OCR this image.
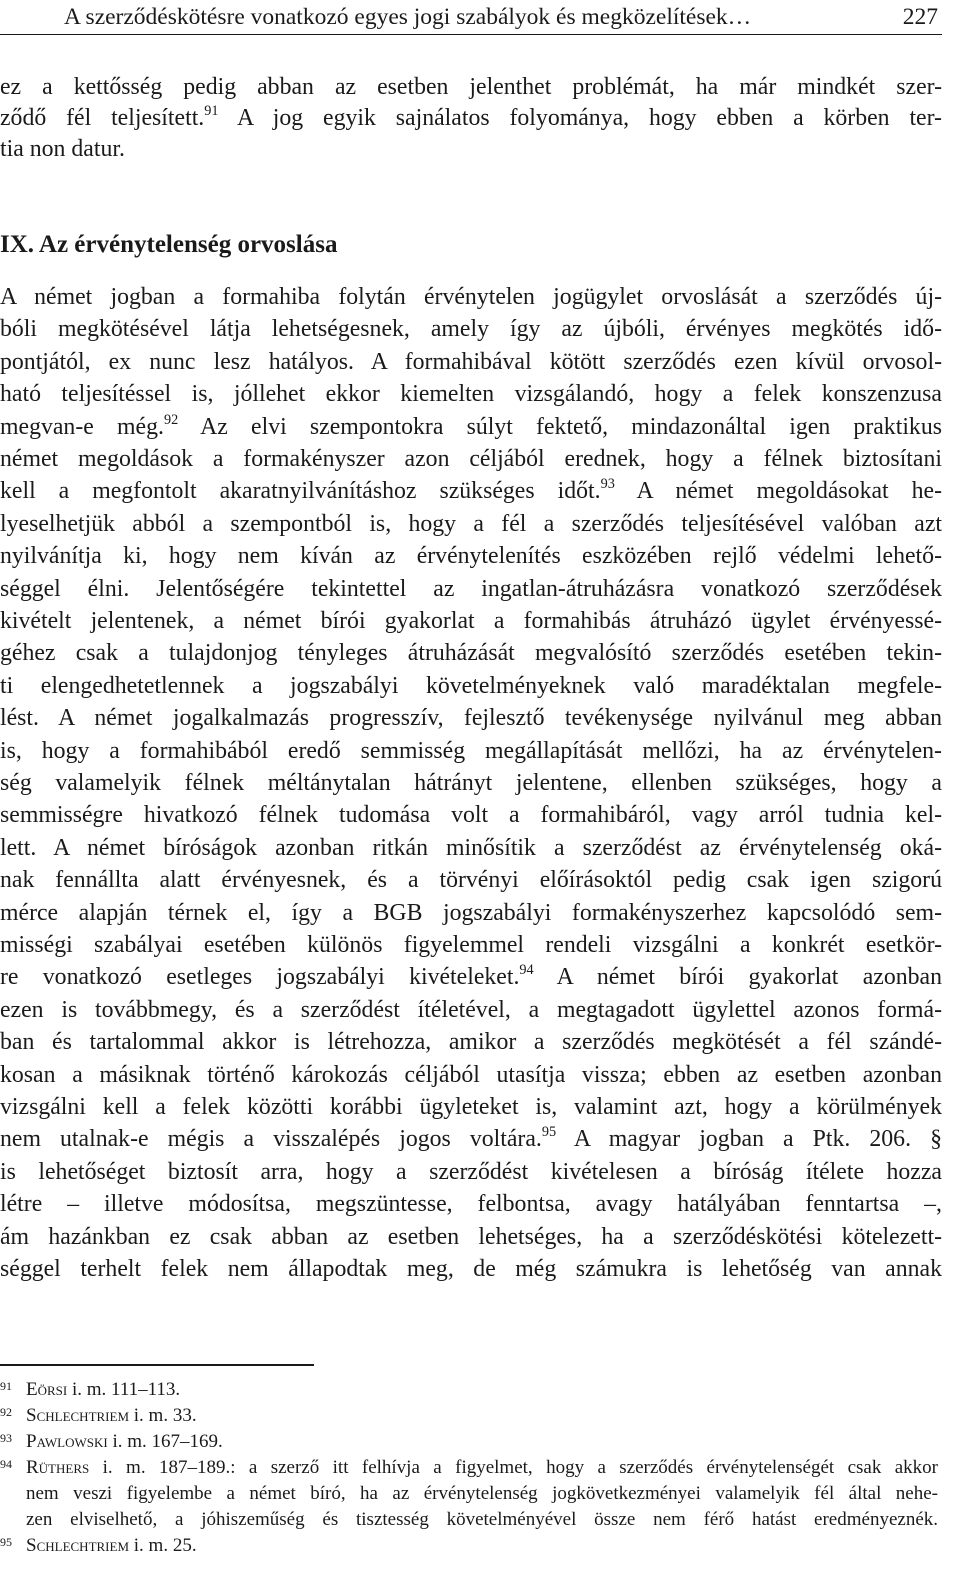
A szerződéskötésre vonatkozó egyes jogi szabályok és megközelítések…	227
ez a kettősség pedig abban az esetben jelenthet problémát, ha már mindkét szer-
ződő fél teljesített.$^{91}$ A jog egyik sajnálatos folyománya, hogy ebben a körben ter-
tia non datur.
IX. Az érvénytelenség orvoslása
A német jogban a formahiba folytán érvénytelen jogügylet orvoslását a szerződés új-
bóli megkötésével látja lehetségesnek, amely így az újbóli, érvényes megkötés idő-
pontjától, ex nunc lesz hatályos. A formahibával kötött szerződés ezen kívül orvosol-
ható teljesítéssel is, jóllehet ekkor kiemelten vizsgálandó, hogy a felek konszenzusa
megvan-e még.$^{92}$ Az elvi szempontokra súlyt fektető, mindazonáltal igen praktikus
német megoldások a formakényszer azon céljából erednek, hogy a félnek biztosítani
kell a megfontolt akaratnyilvánításhoz szükséges időt.$^{93}$ A német megoldásokat he-
lyeselhetjük abból a szempontból is, hogy a fél a szerződés teljesítésével valóban azt
nyilvánítja ki, hogy nem kíván az érvénytelenítés eszközében rejlő védelmi lehető-
séggel élni. Jelentőségére tekintettel az ingatlan-átruházásra vonatkozó szerződések
kivételt jelentenek, a német bírói gyakorlat a formahibás átruházó ügylet érvényessé-
géhez csak a tulajdonjog tényleges átruházását megvalósító szerződés esetében tekin-
ti elengedhetetlennek a jogszabályi követelményeknek való maradéktalan megfele-
lést. A német jogalkalmazás progresszív, fejlesztő tevékenysége nyilvánul meg abban
is, hogy a formahibából eredő semmisség megállapítását mellőzi, ha az érvénytelen-
ség valamelyik félnek méltánytalan hátrányt jelentene, ellenben szükséges, hogy a
semmisségre hivatkozó félnek tudomása volt a formahibáról, vagy arról tudnia kel-
lett. A német bíróságok azonban ritkán minősítik a szerződést az érvénytelenség oká-
nak fennállta alatt érvényesnek, és a törvényi előírásoktól pedig csak igen szigorú
mérce alapján térnek el, így a BGB jogszabályi formakényszerhez kapcsolódó sem-
misségi szabályai esetében különös figyelemmel rendeli vizsgálni a konkrét esetkör-
re vonatkozó esetleges jogszabályi kivételeket.$^{94}$ A német bírói gyakorlat azonban
ezen is továbbmegy, és a szerződést ítéletével, a megtagadott ügylettel azonos formá-
ban és tartalommal akkor is létrehozza, amikor a szerződés megkötését a fél szándé-
kosan a másiknak történő károkozás céljából utasítja vissza; ebben az esetben azonban
vizsgálni kell a felek közötti korábbi ügyleteket is, valamint azt, hogy a körülmények
nem utalnak-e mégis a visszalépés jogos voltára.$^{95}$ A magyar jogban a Ptk. 206. §
is lehetőséget biztosít arra, hogy a szerződést kivételesen a bíróság ítélete hozza
létre – illetve módosítsa, megszüntesse, felbontsa, avagy hatályában fenntartsa –,
ám hazánkban ez csak abban az esetben lehetséges, ha a szerződéskötési kötelezett-
séggel terhelt felek nem állapodtak meg, de még számukra is lehetőség van annak
91 Eörsi i. m. 111–113.
92 Schlechtriem i. m. 33.
93 Pawlowski i. m. 167–169.
94 Rüthers i. m. 187–189.: a szerző itt felhívja a figyelmet, hogy a szerződés érvénytelenségét csak akkor
nem veszi figyelembe a német bíró, ha az érvénytelenség jogkövetkezményei valamelyik fél által nehe-
zen elviselhető, a jóhiszeműség és tisztesség követelményével össze nem férő hatást eredményeznék.
95 Schlechtriem i. m. 25.
